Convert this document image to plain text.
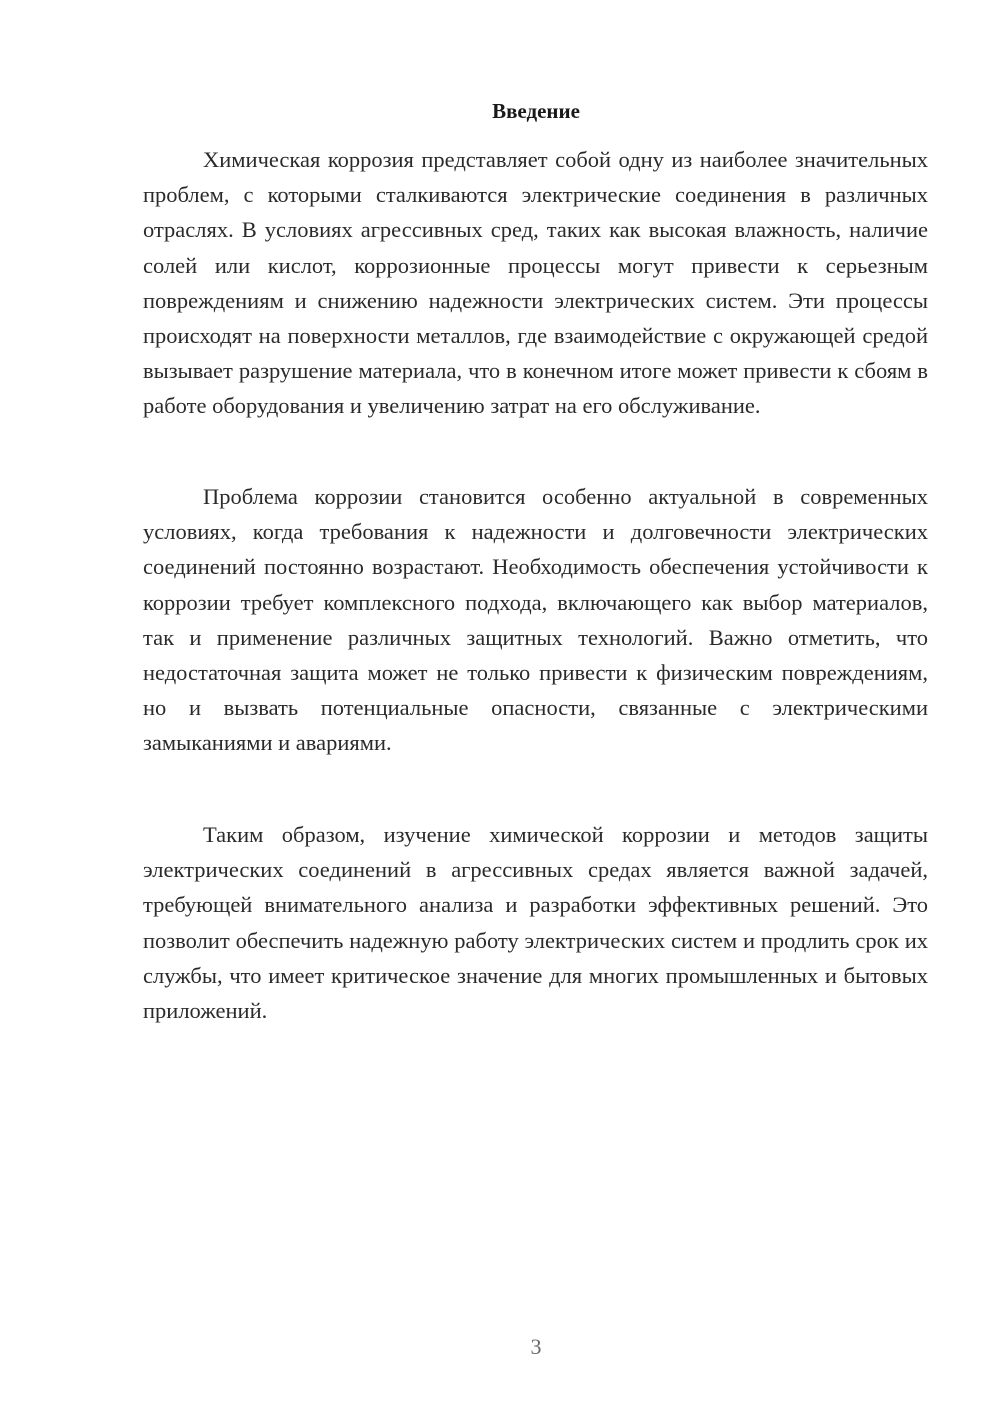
Введение

Химическая коррозия представляет собой одну из наиболее значительных проблем, с которыми сталкиваются электрические соединения в различных отраслях. В условиях агрессивных сред, таких как высокая влажность, наличие солей или кислот, коррозионные процессы могут привести к серьезным повреждениям и снижению надежности электрических систем. Эти процессы происходят на поверхности металлов, где взаимодействие с окружающей средой вызывает разрушение материала, что в конечном итоге может привести к сбоям в работе оборудования и увеличению затрат на его обслуживание.

Проблема коррозии становится особенно актуальной в современных условиях, когда требования к надежности и долговечности электрических соединений постоянно возрастают. Необходимость обеспечения устойчивости к коррозии требует комплексного подхода, включающего как выбор материалов, так и применение различных защитных технологий. Важно отметить, что недостаточная защита может не только привести к физическим повреждениям, но и вызвать потенциальные опасности, связанные с электрическими замыканиями и авариями.

Таким образом, изучение химической коррозии и методов защиты электрических соединений в агрессивных средах является важной задачей, требующей внимательного анализа и разработки эффективных решений. Это позволит обеспечить надежную работу электрических систем и продлить срок их службы, что имеет критическое значение для многих промышленных и бытовых приложений.

3
